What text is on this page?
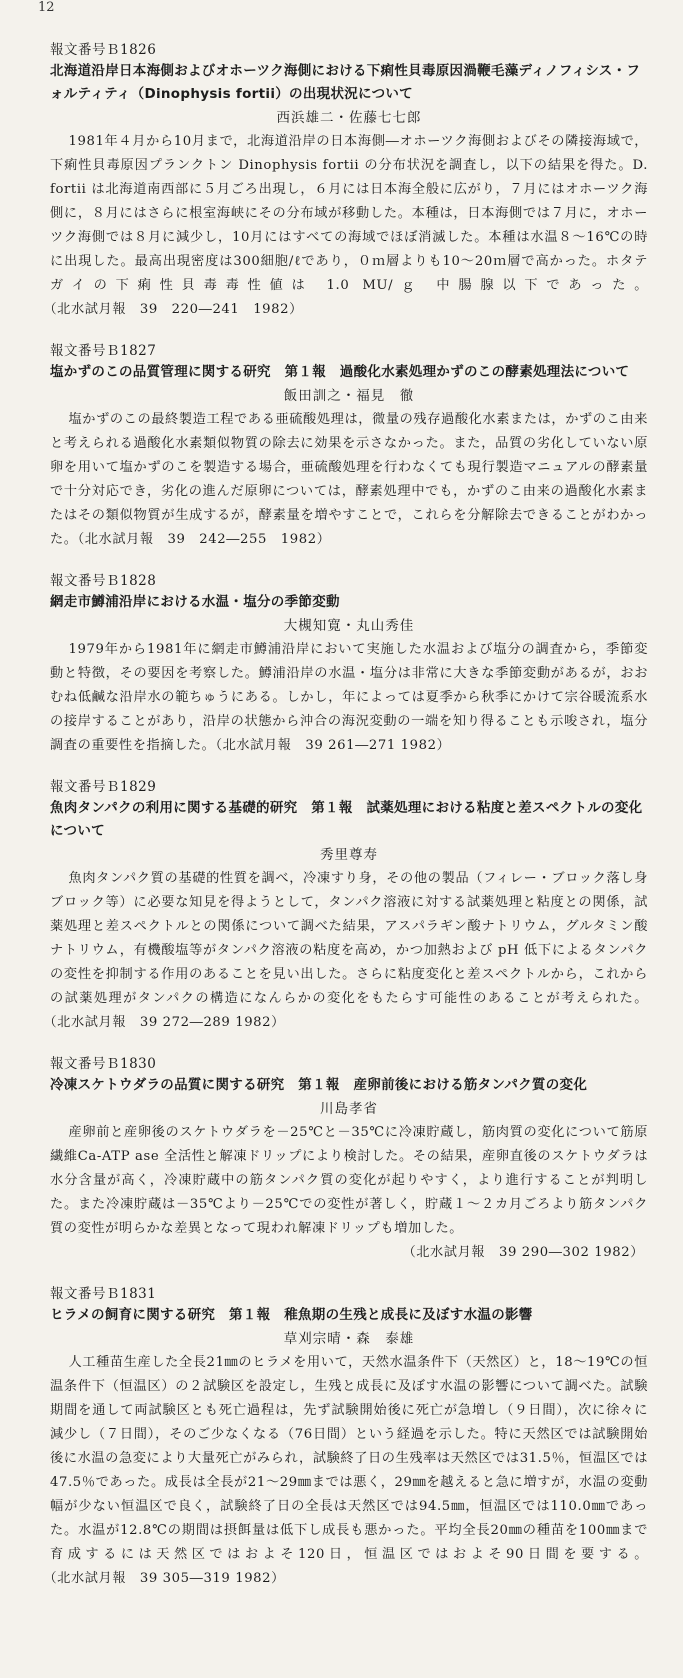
12
報文番号Ｂ1826
北海道沿岸日本海側およびオホーツク海側における下痢性貝毒原因渦鞭毛藻ディノフィシス・フォルティティ（Dinophysis fortii）の出現状況について
西浜雄二・佐藤七七郎
1981年４月から10月まで，北海道沿岸の日本海側―オホーツク海側およびその隣接海域で，下痢性貝毒原因プランクトン Dinophysis fortii の分布状況を調査し，以下の結果を得た。D. fortii は北海道南西部に５月ごろ出現し，６月には日本海全般に広がり，７月にはオホーツク海側に，８月にはさらに根室海峡にその分布域が移動した。本種は，日本海側では７月に，オホーツク海側では８月に減少し，10月にはすべての海域でほぼ消滅した。本種は水温８～16℃の時に出現した。最高出現密度は300細胞/ℓであり，０ｍ層よりも10～20ｍ層で高かった。ホタテガイの下痢性貝毒毒性値は 1.0 MU/ｇ 中腸腺以下であった。（北水試月報　39　220―241　1982）
報文番号Ｂ1827
塩かずのこの品質管理に関する研究　第１報　過酸化水素処理かずのこの酵素処理法について
飯田訓之・福見　徹
塩かずのこの最終製造工程である亜硫酸処理は，微量の残存過酸化水素または，かずのこ由来と考えられる過酸化水素類似物質の除去に効果を示さなかった。また，品質の劣化していない原卵を用いて塩かずのこを製造する場合，亜硫酸処理を行わなくても現行製造マニュアルの酵素量で十分対応でき，劣化の進んだ原卵については，酵素処理中でも，かずのこ由来の過酸化水素またはその類似物質が生成するが，酵素量を増やすことで，これらを分解除去できることがわかった。（北水試月報　39　242―255　1982）
報文番号Ｂ1828
網走市鱒浦沿岸における水温・塩分の季節変動
大槻知寛・丸山秀佳
1979年から1981年に網走市鱒浦沿岸において実施した水温および塩分の調査から，季節変動と特徴，その要因を考察した。鱒浦沿岸の水温・塩分は非常に大きな季節変動があるが，おおむね低鹹な沿岸水の範ちゅうにある。しかし，年によっては夏季から秋季にかけて宗谷暖流系水の接岸することがあり，沿岸の状態から沖合の海況変動の一端を知り得ることも示唆され，塩分調査の重要性を指摘した。（北水試月報　39 261―271 1982）
報文番号Ｂ1829
魚肉タンパクの利用に関する基礎的研究　第１報　試薬処理における粘度と差スペクトルの変化について
秀里尊寿
魚肉タンパク質の基礎的性質を調べ，冷凍すり身，その他の製品（フィレー・ブロック落し身ブロック等）に必要な知見を得ようとして，タンパク溶液に対する試薬処理と粘度との関係，試薬処理と差スペクトルとの関係について調べた結果，アスパラギン酸ナトリウム，グルタミン酸ナトリウム，有機酸塩等がタンパク溶液の粘度を高め，かつ加熱および pH 低下によるタンパクの変性を抑制する作用のあることを見い出した。さらに粘度変化と差スペクトルから，これからの試薬処理がタンパクの構造になんらかの変化をもたらす可能性のあることが考えられた。（北水試月報　39 272―289 1982）
報文番号Ｂ1830
冷凍スケトウダラの品質に関する研究　第１報　産卵前後における筋タンパク質の変化
川島孝省
産卵前と産卵後のスケトウダラを－25℃と－35℃に冷凍貯蔵し，筋肉質の変化について筋原繊維Ca-ATP ase 全活性と解凍ドリップにより検討した。その結果，産卵直後のスケトウダラは水分含量が高く，冷凍貯蔵中の筋タンパク質の変化が起りやすく，より進行することが判明した。また冷凍貯蔵は－35℃より－25℃での変性が著しく，貯蔵１～２カ月ごろより筋タンパク質の変性が明らかな差異となって現われ解凍ドリップも増加した。
（北水試月報　39 290―302 1982）
報文番号Ｂ1831
ヒラメの飼育に関する研究　第１報　稚魚期の生残と成長に及ぼす水温の影響
草刈宗晴・森　泰雄
人工種苗生産した全長21㎜のヒラメを用いて，天然水温条件下（天然区）と，18～19℃の恒温条件下（恒温区）の２試験区を設定し，生残と成長に及ぼす水温の影響について調べた。試験期間を通して両試験区とも死亡過程は，先ず試験開始後に死亡が急増し（９日間），次に徐々に減少し（７日間），そのご少なくなる（76日間）という経過を示した。特に天然区では試験開始後に水温の急変により大量死亡がみられ，試験終了日の生残率は天然区では31.5％，恒温区では47.5％であった。成長は全長が21～29㎜までは悪く，29㎜を越えると急に増すが，水温の変動幅が少ない恒温区で良く，試験終了日の全長は天然区では94.5㎜，恒温区では110.0㎜であった。水温が12.8℃の期間は摂餌量は低下し成長も悪かった。平均全長20㎜の種苗を100㎜まで育成するには天然区ではおよそ120日，恒温区ではおよそ90日間を要する。（北水試月報　39 305―319 1982）
